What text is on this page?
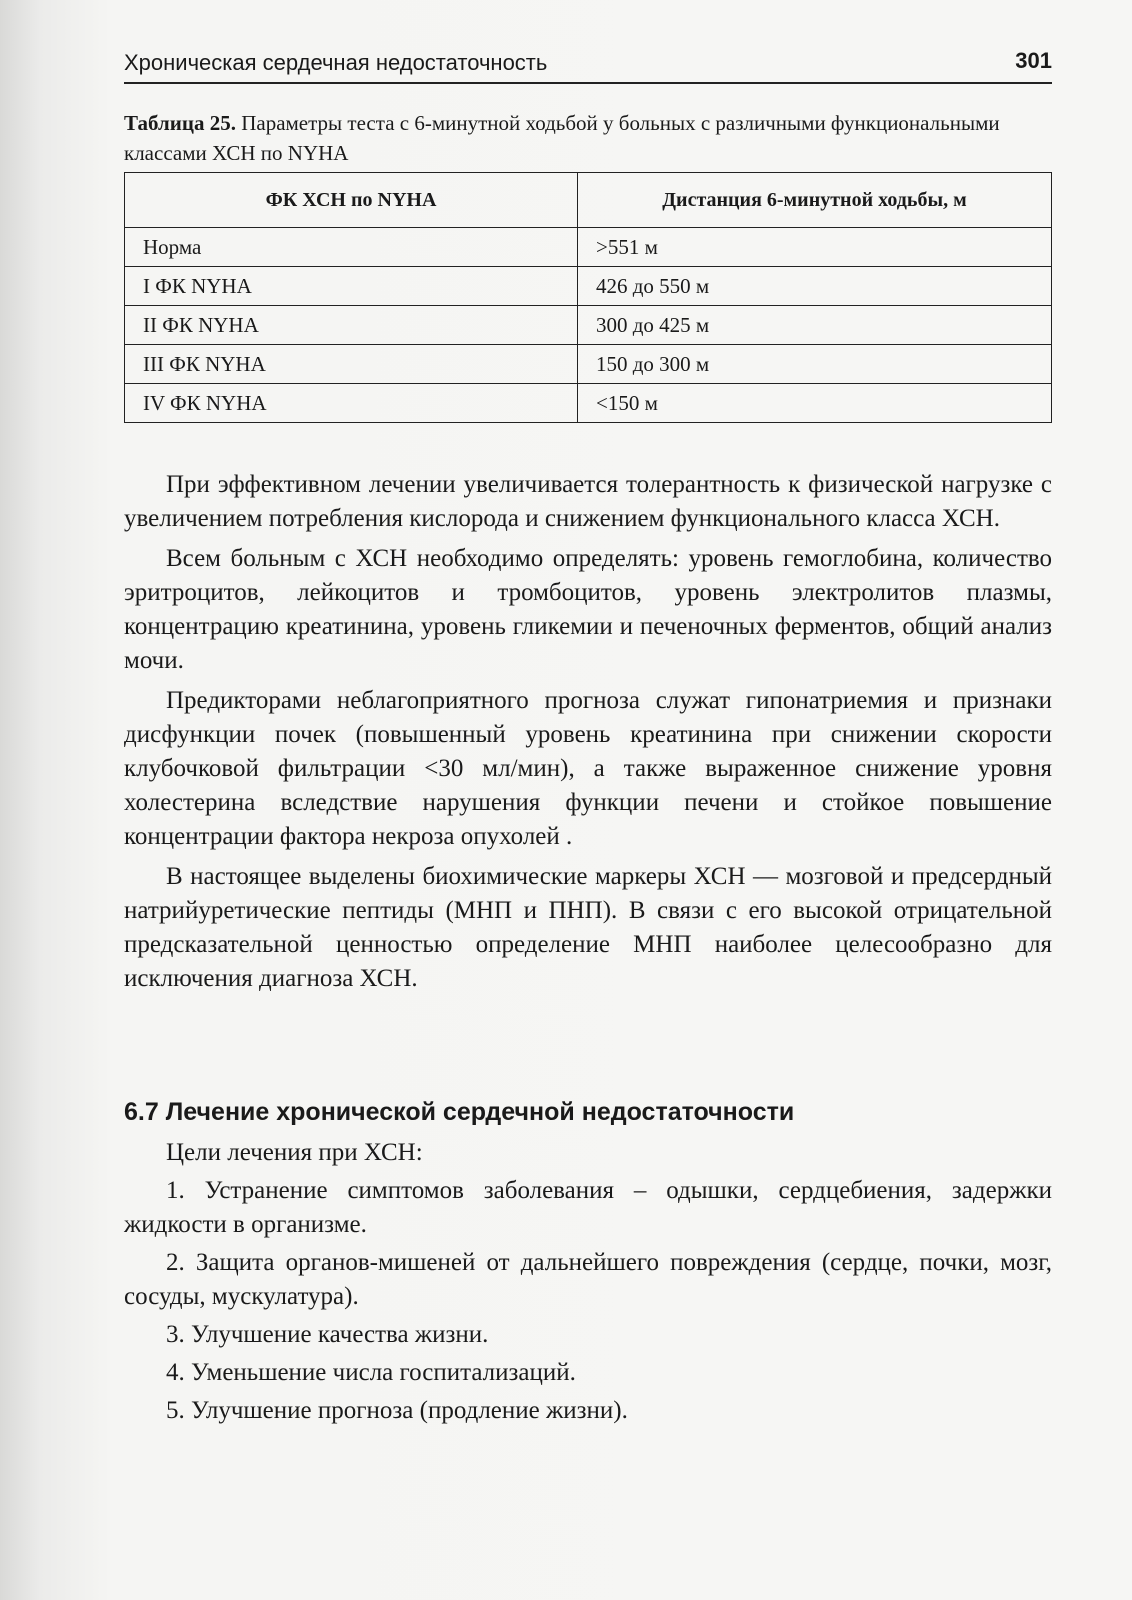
Хроническая сердечная недостаточность	301
Таблица 25. Параметры теста с 6-минутной ходьбой у больных с различными функциональными классами ХСН по NYHA
ФК ХСН по NYHA	Дистанция 6-минутной ходьбы, м
Норма	>551 м
I ФК NYHA	426 до 550 м
II ФК NYHA	300 до 425 м
III ФК NYHA	150 до 300 м
IV ФК NYHA	<150 м

При эффективном лечении увеличивается толерантность к физической нагрузке с увеличением потребления кислорода и снижением функционального класса ХСН.

Всем больным с ХСН необходимо определять: уровень гемоглобина, количество эритроцитов, лейкоцитов и тромбоцитов, уровень электролитов плазмы, концентрацию креатинина, уровень гликемии и печеночных ферментов, общий анализ мочи.

Предикторами неблагоприятного прогноза служат гипонатриемия и признаки дисфункции почек (повышенный уровень креатинина при снижении скорости клубочковой фильтрации <30 мл/мин), а также выраженное снижение уровня холестерина вследствие нарушения функции печени и стойкое повышение концентрации фактора некроза опухолей .

В настоящее выделены биохимические маркеры ХСН — мозговой и предсердный натрийуретические пептиды (МНП и ПНП). В связи с его высокой отрицательной предсказательной ценностью определение МНП наиболее целесообразно для исключения диагноза ХСН.

6.7 Лечение хронической сердечной недостаточности

Цели лечения при ХСН:

1. Устранение симптомов заболевания – одышки, сердцебиения, задержки жидкости в организме.

2. Защита органов-мишеней от дальнейшего повреждения (сердце, почки, мозг, сосуды, мускулатура).

3. Улучшение качества жизни.

4. Уменьшение числа госпитализаций.

5. Улучшение прогноза (продление жизни).
